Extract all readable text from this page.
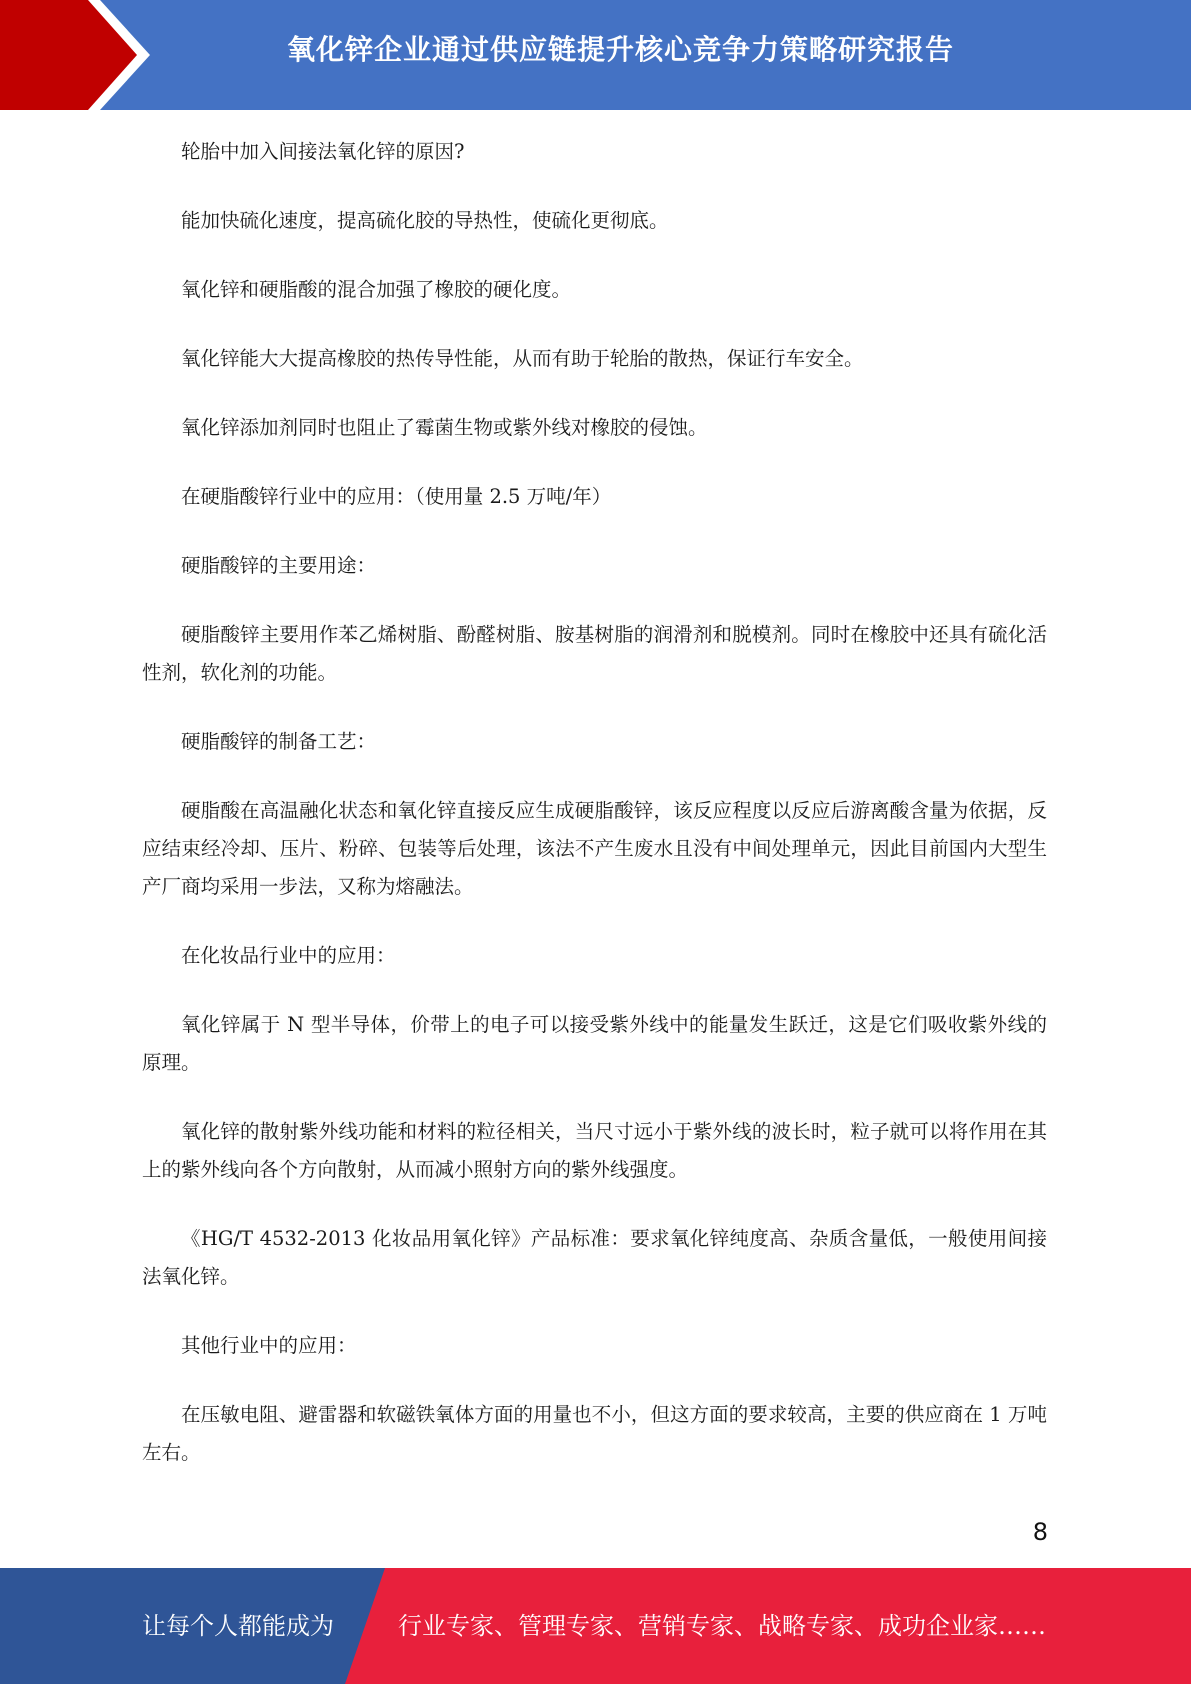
氧化锌企业通过供应链提升核心竞争力策略研究报告

轮胎中加入间接法氧化锌的原因?

能加快硫化速度，提高硫化胶的导热性，使硫化更彻底。

氧化锌和硬脂酸的混合加强了橡胶的硬化度。

氧化锌能大大提高橡胶的热传导性能，从而有助于轮胎的散热，保证行车安全。

氧化锌添加剂同时也阻止了霉菌生物或紫外线对橡胶的侵蚀。

在硬脂酸锌行业中的应用：（使用量 2.5 万吨/年）

硬脂酸锌的主要用途：

硬脂酸锌主要用作苯乙烯树脂、酚醛树脂、胺基树脂的润滑剂和脱模剂。同时在橡胶中还具有硫化活性剂，软化剂的功能。

硬脂酸锌的制备工艺：

硬脂酸在高温融化状态和氧化锌直接反应生成硬脂酸锌，该反应程度以反应后游离酸含量为依据，反应结束经冷却、压片、粉碎、包装等后处理，该法不产生废水且没有中间处理单元，因此目前国内大型生产厂商均采用一步法，又称为熔融法。

在化妆品行业中的应用：

氧化锌属于 N 型半导体，价带上的电子可以接受紫外线中的能量发生跃迁，这是它们吸收紫外线的原理。

氧化锌的散射紫外线功能和材料的粒径相关，当尺寸远小于紫外线的波长时，粒子就可以将作用在其上的紫外线向各个方向散射，从而减小照射方向的紫外线强度。

《HG/T 4532-2013 化妆品用氧化锌》产品标准：要求氧化锌纯度高、杂质含量低，一般使用间接法氧化锌。

其他行业中的应用：

在压敏电阻、避雷器和软磁铁氧体方面的用量也不小，但这方面的要求较高，主要的供应商在 1 万吨左右。

8
让每个人都能成为	行业专家、管理专家、营销专家、战略专家、成功企业家……
